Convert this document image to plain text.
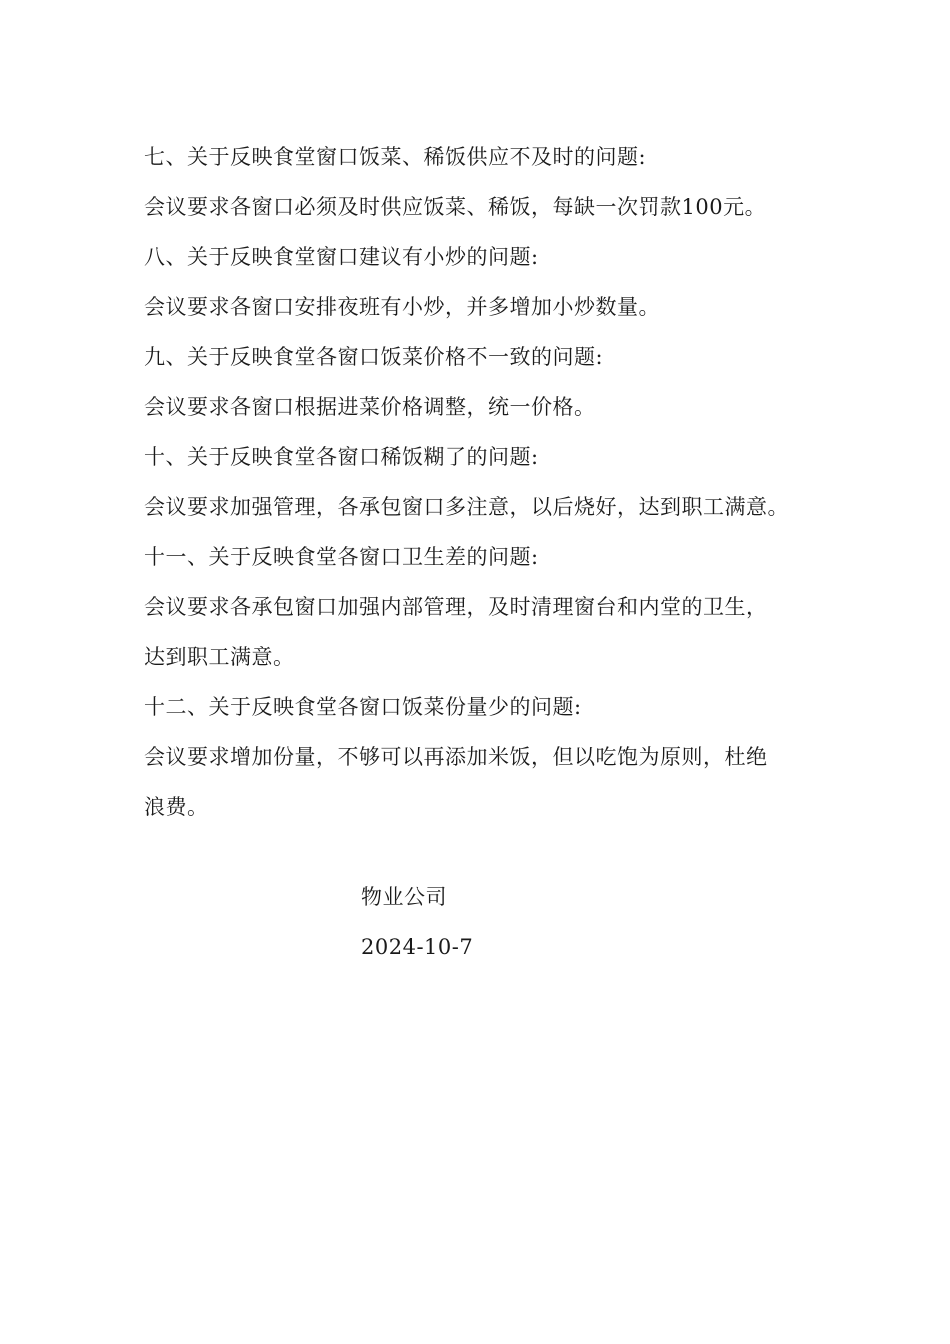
七、关于反映食堂窗口饭菜、稀饭供应不及时的问题:
会议要求各窗口必须及时供应饭菜、稀饭，每缺一次罚款100元。
八、关于反映食堂窗口建议有小炒的问题:
会议要求各窗口安排夜班有小炒，并多增加小炒数量。
九、关于反映食堂各窗口饭菜价格不一致的问题:
会议要求各窗口根据进菜价格调整，统一价格。
十、关于反映食堂各窗口稀饭糊了的问题:
会议要求加强管理，各承包窗口多注意，以后烧好，达到职工满意。
十一、关于反映食堂各窗口卫生差的问题:
会议要求各承包窗口加强内部管理，及时清理窗台和内堂的卫生，
达到职工满意。
十二、关于反映食堂各窗口饭菜份量少的问题:
会议要求增加份量，不够可以再添加米饭，但以吃饱为原则，杜绝
浪费。
物业公司
2024-10-7
